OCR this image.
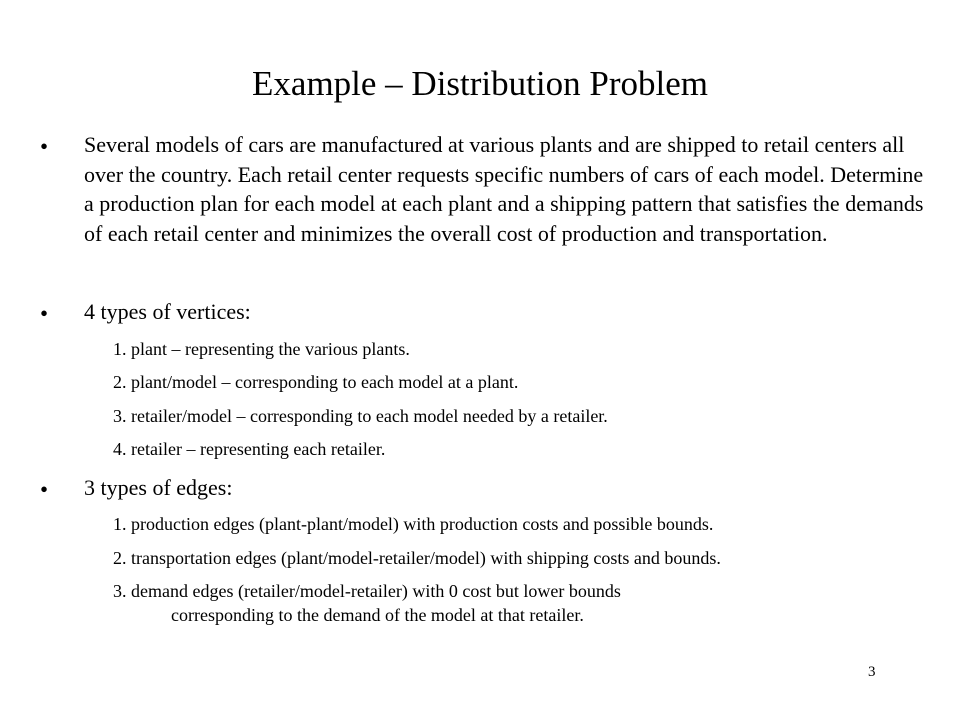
Example – Distribution Problem
• Several models of cars are manufactured at various plants and are shipped to retail centers all over the country. Each retail center requests specific numbers of cars of each model. Determine a production plan for each model at each plant and a shipping pattern that satisfies the demands of each retail center and minimizes the overall cost of production and transportation.
• 4 types of vertices:
1. plant – representing the various plants.
2. plant/model – corresponding to each model at a plant.
3. retailer/model – corresponding to each model needed by a retailer.
4. retailer – representing each retailer.
• 3 types of edges:
1. production edges (plant-plant/model) with production costs and possible bounds.
2. transportation edges (plant/model-retailer/model) with shipping costs and bounds.
3. demand edges (retailer/model-retailer) with 0 cost but lower bounds
corresponding to the demand of the model at that retailer.
3
